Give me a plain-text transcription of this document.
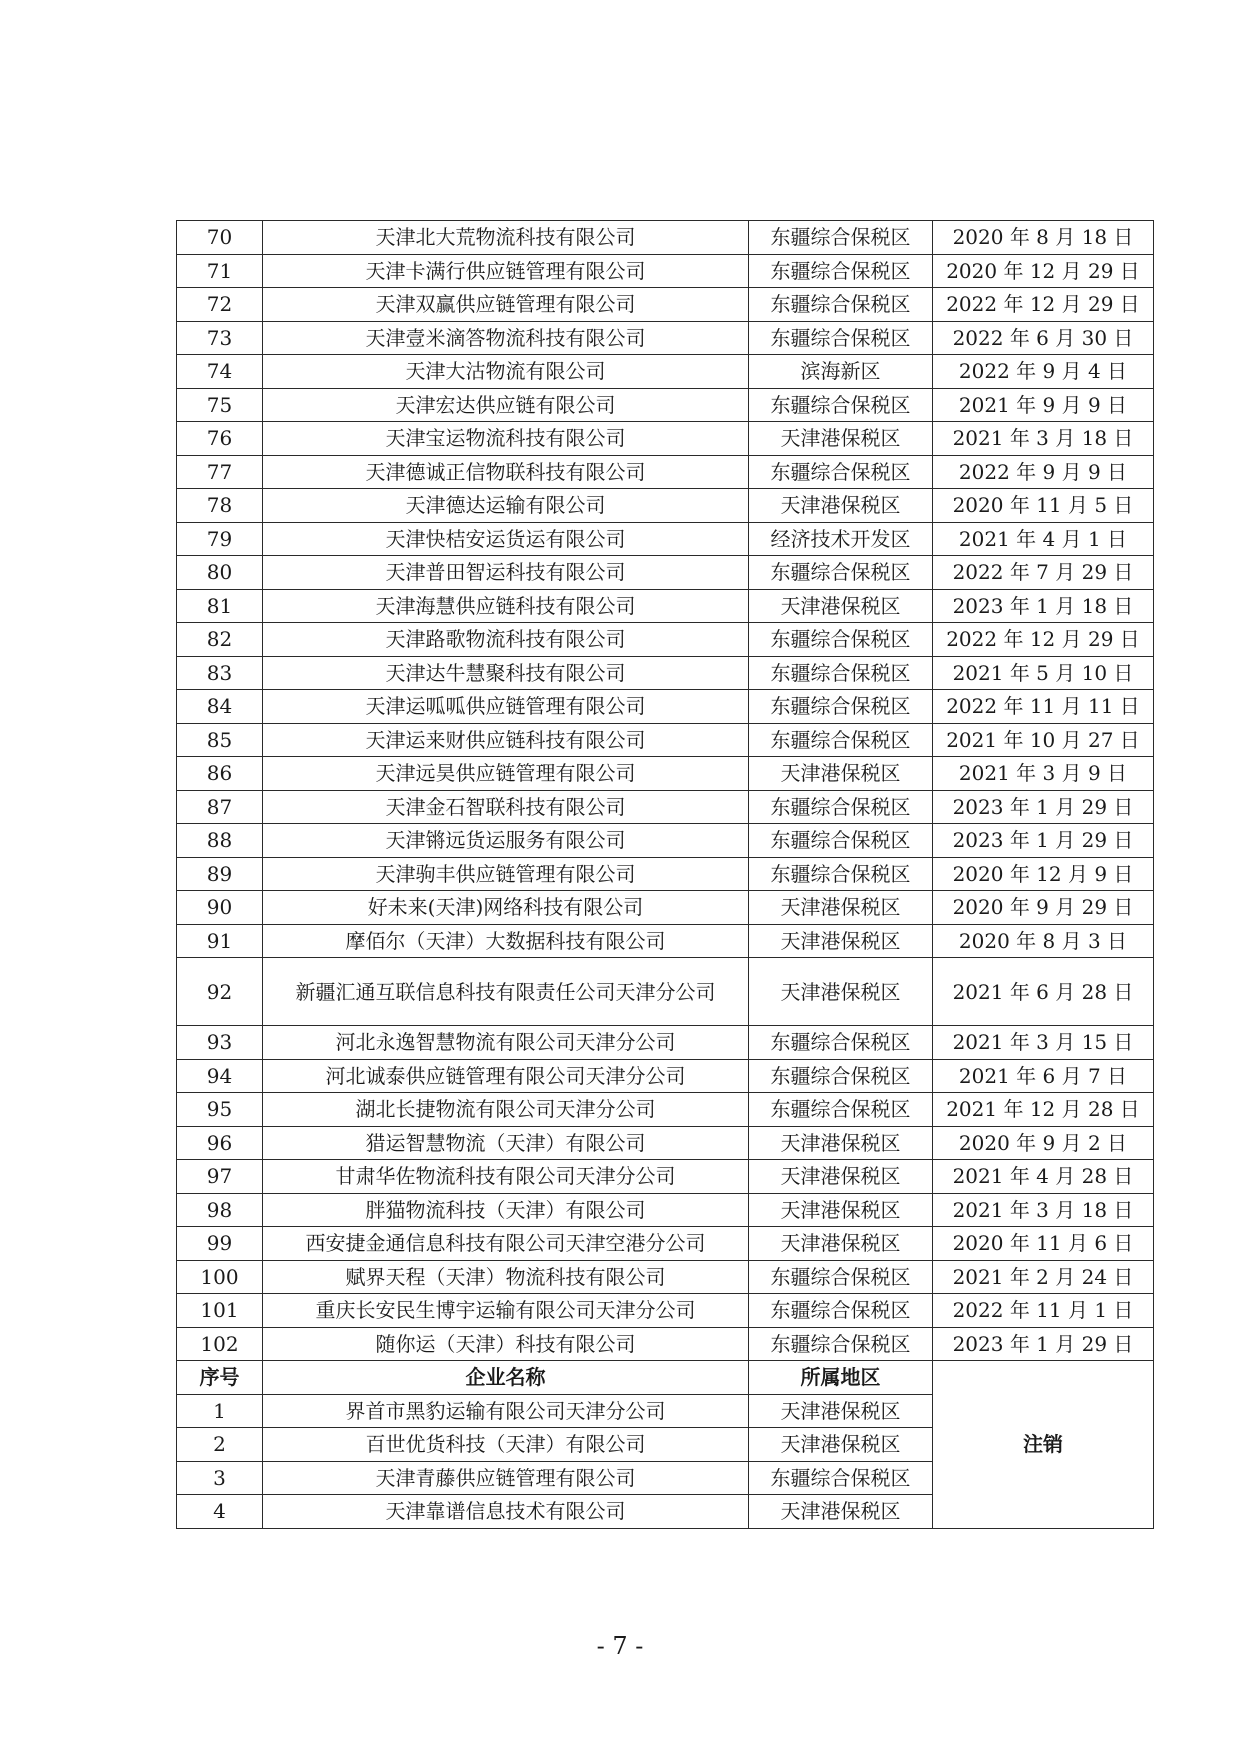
70	天津北大荒物流科技有限公司	东疆综合保税区	2020 年 8 月 18 日
71	天津卡满行供应链管理有限公司	东疆综合保税区	2020 年 12 月 29 日
72	天津双赢供应链管理有限公司	东疆综合保税区	2022 年 12 月 29 日
73	天津壹米滴答物流科技有限公司	东疆综合保税区	2022 年 6 月 30 日
74	天津大沽物流有限公司	滨海新区	2022 年 9 月 4 日
75	天津宏达供应链有限公司	东疆综合保税区	2021 年 9 月 9 日
76	天津宝运物流科技有限公司	天津港保税区	2021 年 3 月 18 日
77	天津德诚正信物联科技有限公司	东疆综合保税区	2022 年 9 月 9 日
78	天津德达运输有限公司	天津港保税区	2020 年 11 月 5 日
79	天津快桔安运货运有限公司	经济技术开发区	2021 年 4 月 1 日
80	天津普田智运科技有限公司	东疆综合保税区	2022 年 7 月 29 日
81	天津海慧供应链科技有限公司	天津港保税区	2023 年 1 月 18 日
82	天津路歌物流科技有限公司	东疆综合保税区	2022 年 12 月 29 日
83	天津达牛慧聚科技有限公司	东疆综合保税区	2021 年 5 月 10 日
84	天津运呱呱供应链管理有限公司	东疆综合保税区	2022 年 11 月 11 日
85	天津运来财供应链科技有限公司	东疆综合保税区	2021 年 10 月 27 日
86	天津远昊供应链管理有限公司	天津港保税区	2021 年 3 月 9 日
87	天津金石智联科技有限公司	东疆综合保税区	2023 年 1 月 29 日
88	天津锵远货运服务有限公司	东疆综合保税区	2023 年 1 月 29 日
89	天津驹丰供应链管理有限公司	东疆综合保税区	2020 年 12 月 9 日
90	好未来(天津)网络科技有限公司	天津港保税区	2020 年 9 月 29 日
91	摩佰尔（天津）大数据科技有限公司	天津港保税区	2020 年 8 月 3 日
92	新疆汇通互联信息科技有限责任公司天津分公司	天津港保税区	2021 年 6 月 28 日
93	河北永逸智慧物流有限公司天津分公司	东疆综合保税区	2021 年 3 月 15 日
94	河北诚泰供应链管理有限公司天津分公司	东疆综合保税区	2021 年 6 月 7 日
95	湖北长捷物流有限公司天津分公司	东疆综合保税区	2021 年 12 月 28 日
96	猎运智慧物流（天津）有限公司	天津港保税区	2020 年 9 月 2 日
97	甘肃华佐物流科技有限公司天津分公司	天津港保税区	2021 年 4 月 28 日
98	胖猫物流科技（天津）有限公司	天津港保税区	2021 年 3 月 18 日
99	西安捷金通信息科技有限公司天津空港分公司	天津港保税区	2020 年 11 月 6 日
100	赋界天程（天津）物流科技有限公司	东疆综合保税区	2021 年 2 月 24 日
101	重庆长安民生博宇运输有限公司天津分公司	东疆综合保税区	2022 年 11 月 1 日
102	随你运（天津）科技有限公司	东疆综合保税区	2023 年 1 月 29 日
序号	企业名称	所属地区	注销
1	界首市黑豹运输有限公司天津分公司	天津港保税区	
2	百世优货科技（天津）有限公司	天津港保税区	
3	天津青藤供应链管理有限公司	东疆综合保税区	
4	天津靠谱信息技术有限公司	天津港保税区	
- 7 -
